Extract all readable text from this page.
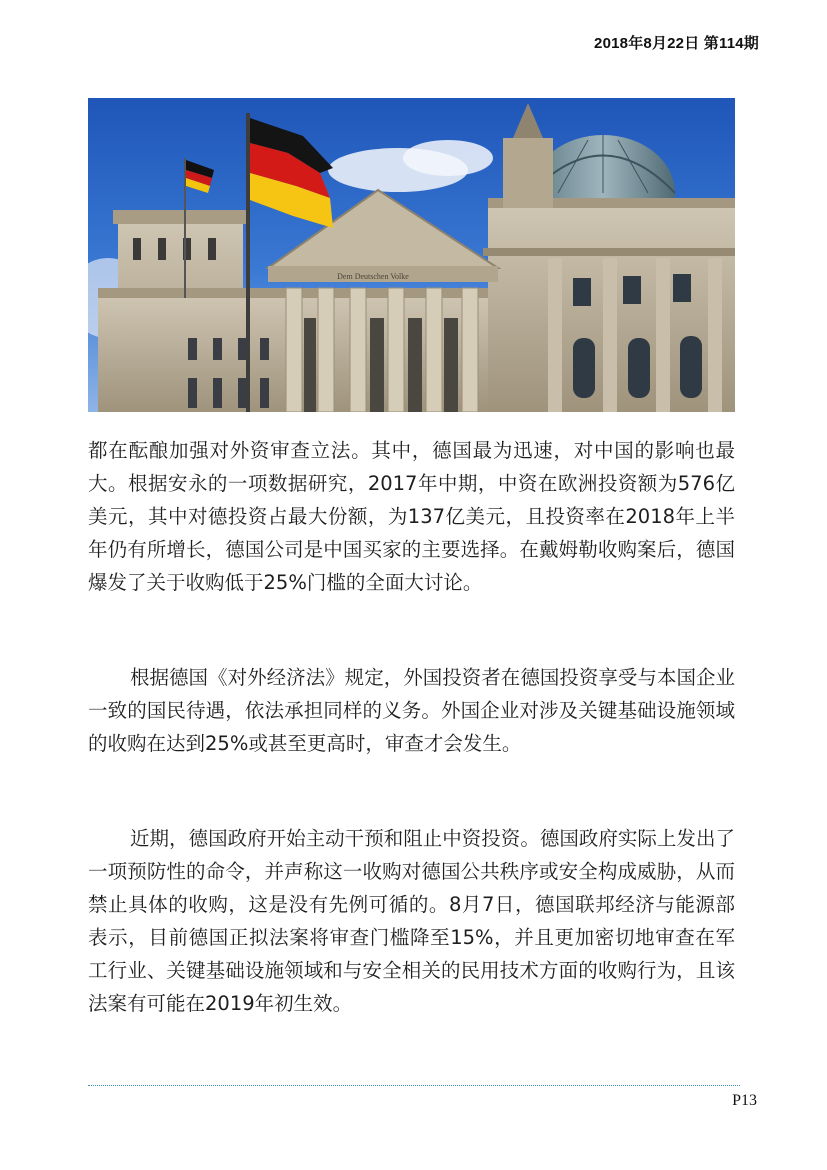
2018年8月22日 第114期
Dem Deutschen Volke

都在酝酿加强对外资审查立法。其中，德国最为迅速，对中国的影响也最大。根据安永的一项数据研究，2017年中期，中资在欧洲投资额为576亿美元，其中对德投资占最大份额，为137亿美元，且投资率在2018年上半年仍有所增长，德国公司是中国买家的主要选择。在戴姆勒收购案后，德国爆发了关于收购低于25%门槛的全面大讨论。

根据德国《对外经济法》规定，外国投资者在德国投资享受与本国企业一致的国民待遇，依法承担同样的义务。外国企业对涉及关键基础设施领域的收购在达到25%或甚至更高时，审查才会发生。

近期，德国政府开始主动干预和阻止中资投资。德国政府实际上发出了一项预防性的命令，并声称这一收购对德国公共秩序或安全构成威胁，从而禁止具体的收购，这是没有先例可循的。8月7日，德国联邦经济与能源部表示，目前德国正拟法案将审查门槛降至15%，并且更加密切地审查在军工行业、关键基础设施领域和与安全相关的民用技术方面的收购行为，且该法案有可能在2019年初生效。

P13
